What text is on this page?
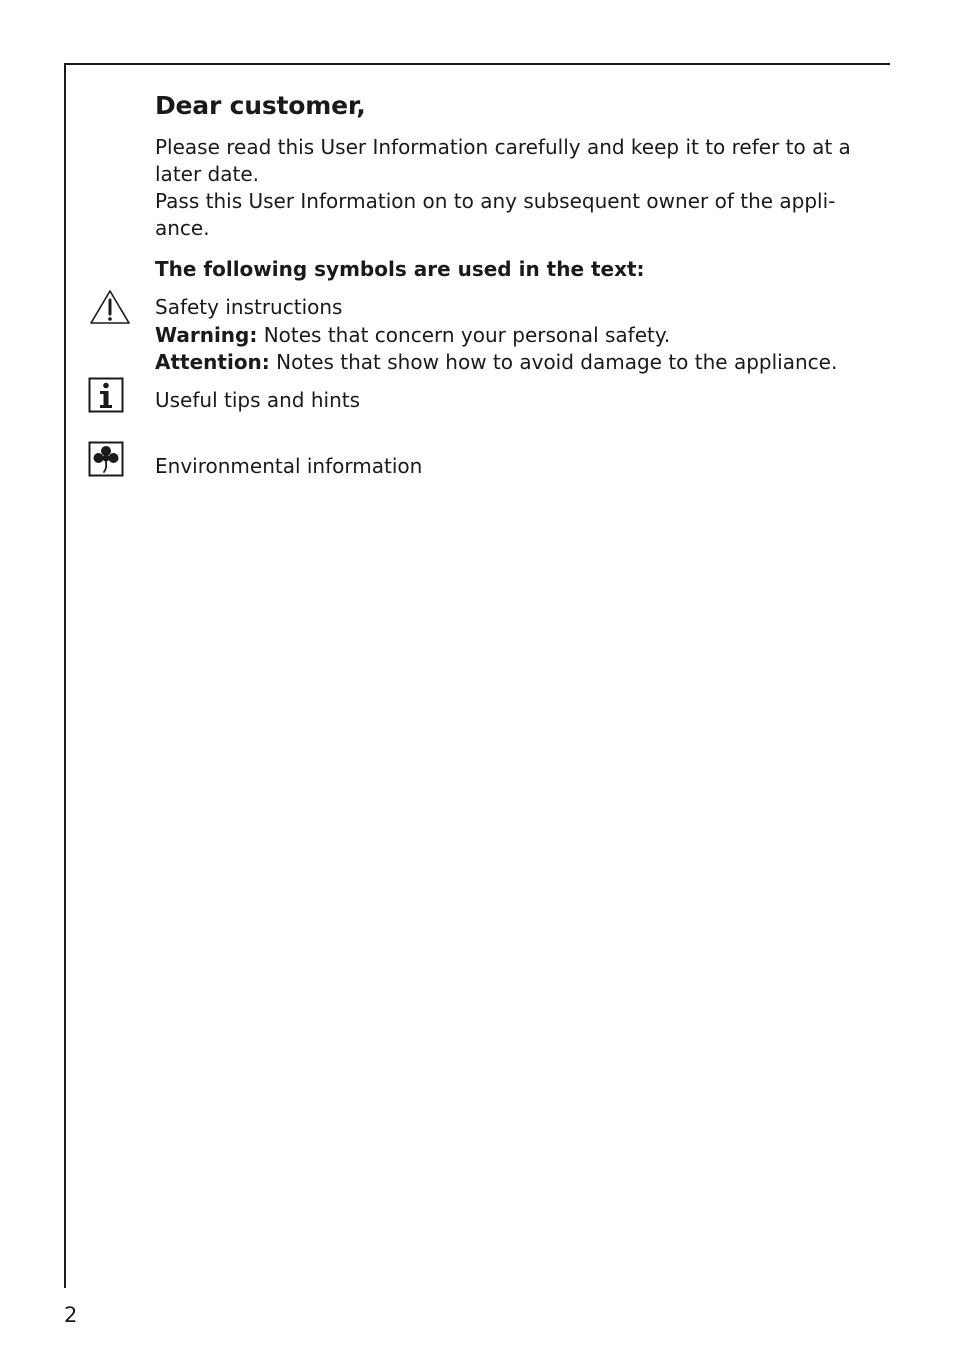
Dear customer,

Please read this User Information carefully and keep it to refer to at a later date.

Pass this User Information on to any subsequent owner of the appliance.

The following symbols are used in the text:

Safety instructions

Warning: Notes that concern your personal safety.

Attention: Notes that show how to avoid damage to the appliance.

Useful tips and hints

Environmental information

2
